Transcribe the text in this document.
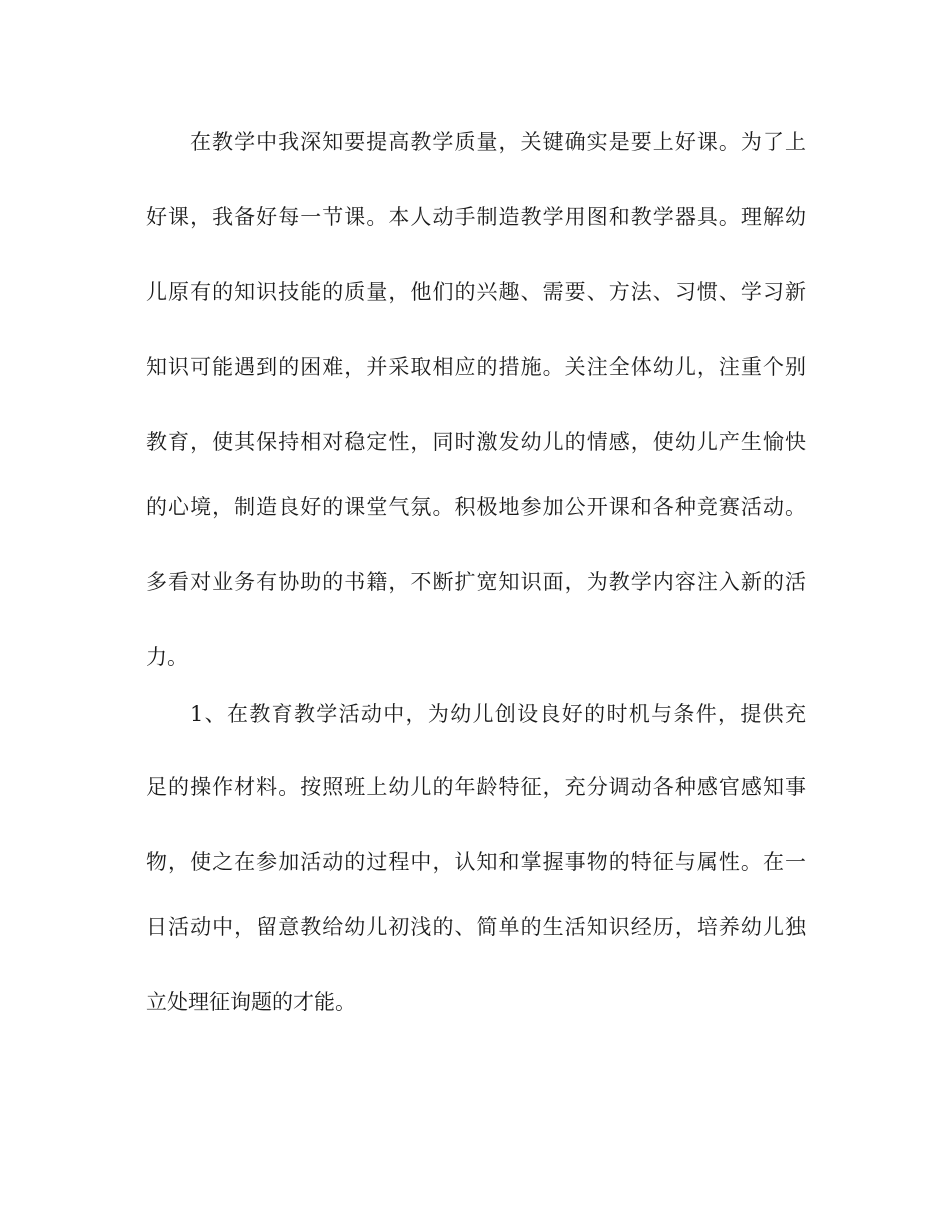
在教学中我深知要提高教学质量，关键确实是要上好课。为了上

好课，我备好每一节课。本人动手制造教学用图和教学器具。理解幼

儿原有的知识技能的质量，他们的兴趣、需要、方法、习惯、学习新

知识可能遇到的困难，并采取相应的措施。关注全体幼儿，注重个别

教育，使其保持相对稳定性，同时激发幼儿的情感，使幼儿产生愉快

的心境，制造良好的课堂气氛。积极地参加公开课和各种竞赛活动。

多看对业务有协助的书籍，不断扩宽知识面，为教学内容注入新的活

力。

1、在教育教学活动中，为幼儿创设良好的时机与条件，提供充

足的操作材料。按照班上幼儿的年龄特征，充分调动各种感官感知事

物，使之在参加活动的过程中，认知和掌握事物的特征与属性。在一

日活动中，留意教给幼儿初浅的、简单的生活知识经历，培养幼儿独

立处理征询题的才能。
